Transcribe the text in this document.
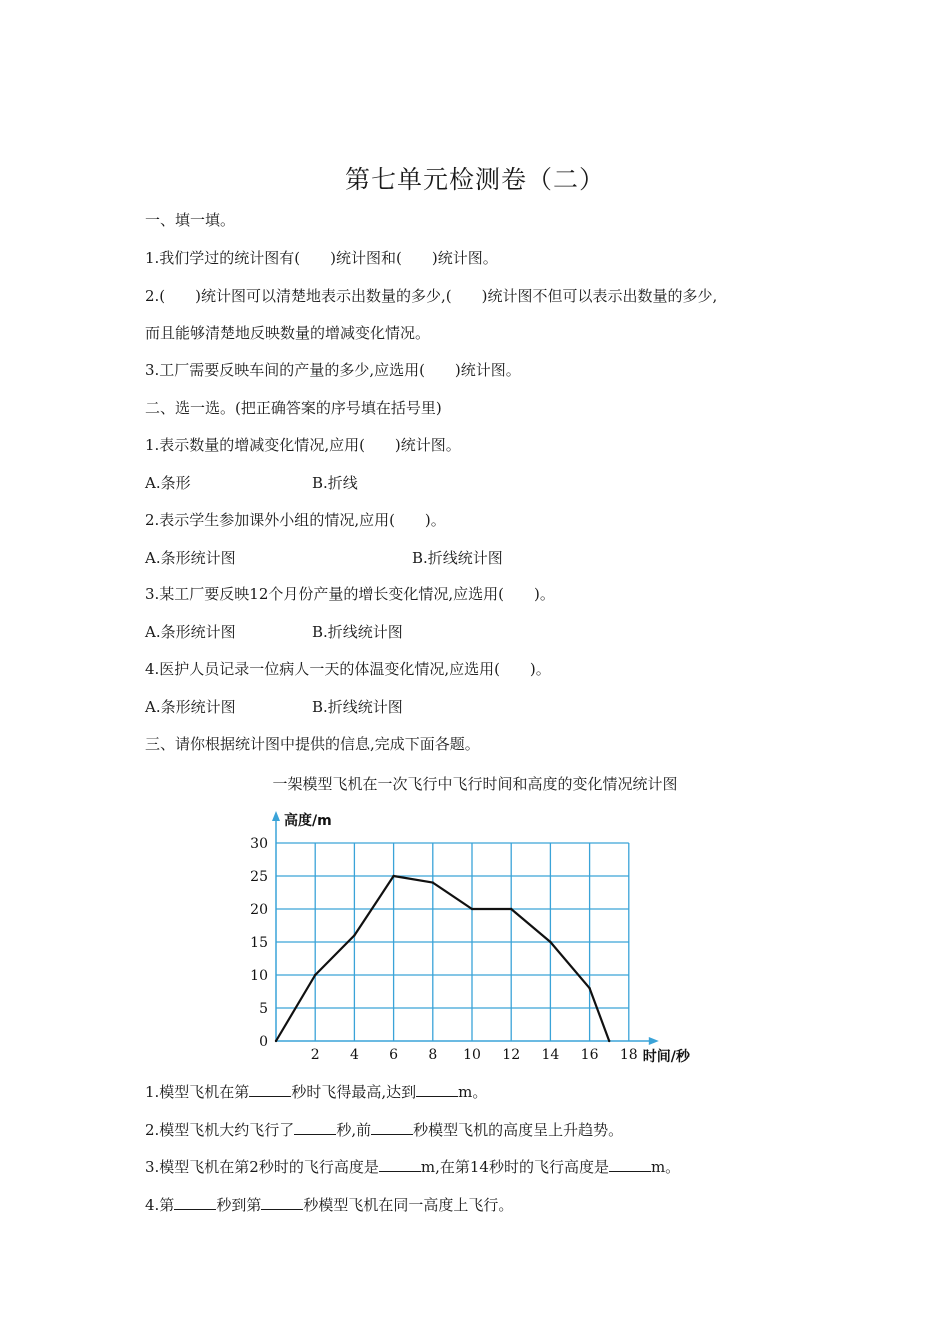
第七单元检测卷（二）
一、填一填。
1.我们学过的统计图有(　　)统计图和(　　)统计图。
2.(　　)统计图可以清楚地表示出数量的多少,(　　)统计图不但可以表示出数量的多少,
而且能够清楚地反映数量的增减变化情况。
3.工厂需要反映车间的产量的多少,应选用(　　)统计图。
二、选一选。(把正确答案的序号填在括号里)
1.表示数量的增减变化情况,应用(　　)统计图。
A.条形	B.折线
2.表示学生参加课外小组的情况,应用(　　)。
A.条形统计图	B.折线统计图
3.某工厂要反映12个月份产量的增长变化情况,应选用(　　)。
A.条形统计图	B.折线统计图
4.医护人员记录一位病人一天的体温变化情况,应选用(　　)。
A.条形统计图	B.折线统计图
三、请你根据统计图中提供的信息,完成下面各题。
一架模型飞机在一次飞行中飞行时间和高度的变化情况统计图
2 4 6 8 10 12 14 16 18
5
10
15
20
25
30
0
高度/m
时间/秒
1.模型飞机在第	秒时飞得最高,达到	m。
2.模型飞机大约飞行了	秒,前	秒模型飞机的高度呈上升趋势。
3.模型飞机在第2秒时的飞行高度是	m,在第14秒时的飞行高度是	m。
4.第	秒到第	秒模型飞机在同一高度上飞行。
